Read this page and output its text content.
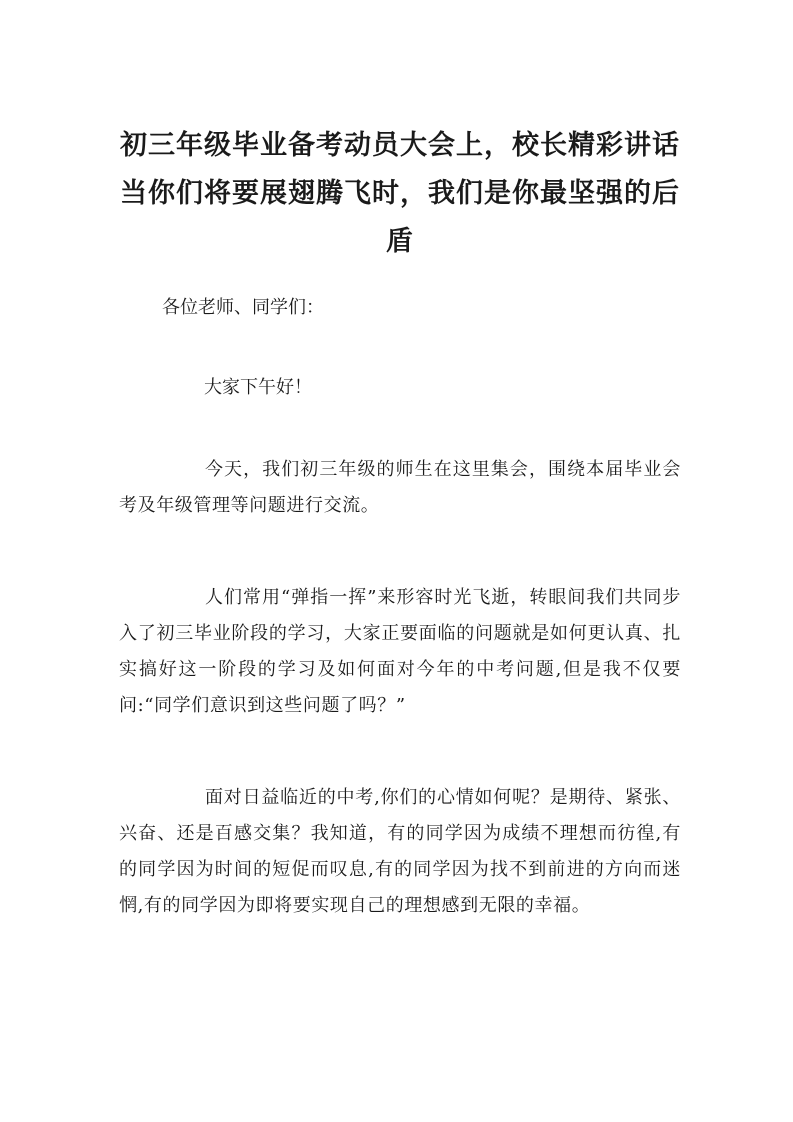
初三年级毕业备考动员大会上，校长精彩讲话当你们将要展翅腾飞时，我们是你最坚强的后盾

各位老师、同学们：

大家下午好！

今天，我们初三年级的师生在这里集会，围绕本届毕业会考及年级管理等问题进行交流。

人们常用“弹指一挥”来形容时光飞逝，转眼间我们共同步入了初三毕业阶段的学习，大家正要面临的问题就是如何更认真、扎实搞好这一阶段的学习及如何面对今年的中考问题,但是我不仅要问:“同学们意识到这些问题了吗？”

面对日益临近的中考,你们的心情如何呢？是期待、紧张、兴奋、还是百感交集？我知道，有的同学因为成绩不理想而彷徨,有的同学因为时间的短促而叹息,有的同学因为找不到前进的方向而迷惘,有的同学因为即将要实现自己的理想感到无限的幸福。
